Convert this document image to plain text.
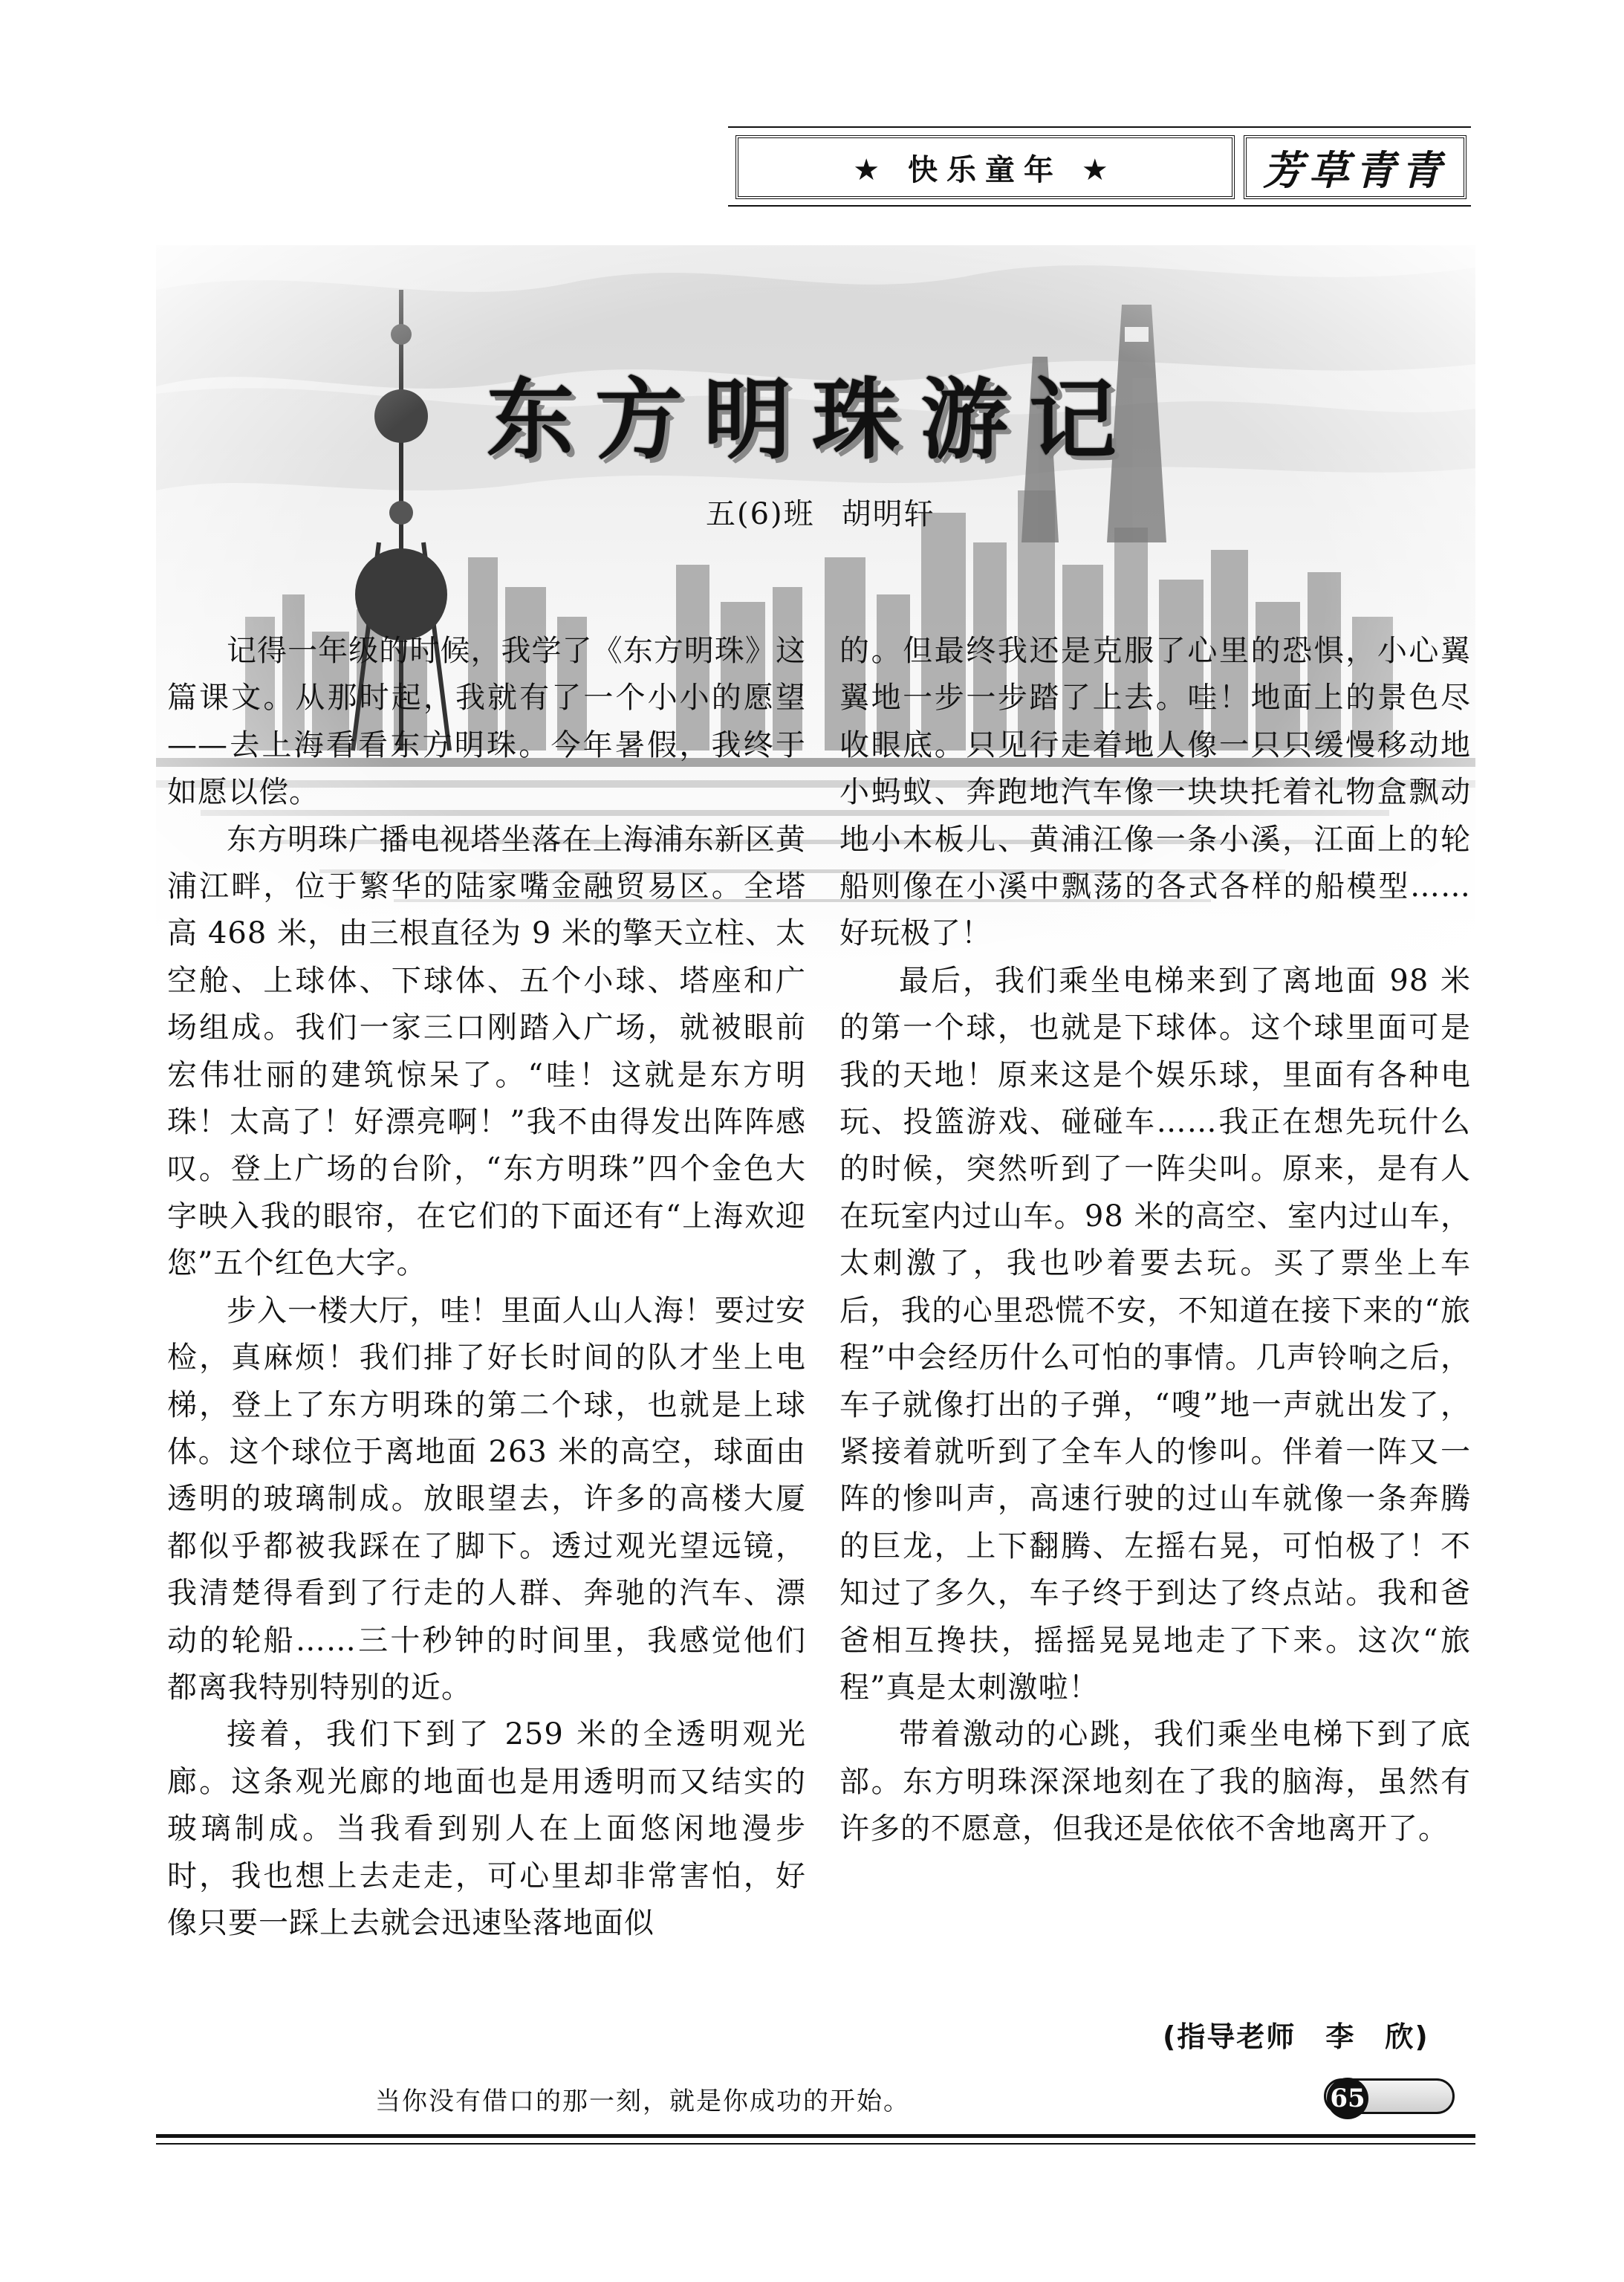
★ 快乐童年 ★	芳草青青
东方明珠游记
五(6)班 胡明轩

记得一年级的时候，我学了《东方明珠》这篇课文。从那时起，我就有了一个小小的愿望——去上海看看东方明珠。今年暑假，我终于如愿以偿。

东方明珠广播电视塔坐落在上海浦东新区黄浦江畔，位于繁华的陆家嘴金融贸易区。全塔高 468 米，由三根直径为 9 米的擎天立柱、太空舱、上球体、下球体、五个小球、塔座和广场组成。我们一家三口刚踏入广场，就被眼前宏伟壮丽的建筑惊呆了。“哇！这就是东方明珠！太高了！好漂亮啊！”我不由得发出阵阵感叹。登上广场的台阶，“东方明珠”四个金色大字映入我的眼帘，在它们的下面还有“上海欢迎您”五个红色大字。

步入一楼大厅，哇！里面人山人海！要过安检，真麻烦！我们排了好长时间的队才坐上电梯，登上了东方明珠的第二个球，也就是上球体。这个球位于离地面 263 米的高空，球面由透明的玻璃制成。放眼望去，许多的高楼大厦都似乎都被我踩在了脚下。透过观光望远镜，我清楚得看到了行走的人群、奔驰的汽车、漂动的轮船……三十秒钟的时间里，我感觉他们都离我特别特别的近。

接着，我们下到了 259 米的全透明观光廊。这条观光廊的地面也是用透明而又结实的玻璃制成。当我看到别人在上面悠闲地漫步时，我也想上去走走，可心里却非常害怕，好像只要一踩上去就会迅速坠落地面似

的。但最终我还是克服了心里的恐惧，小心翼翼地一步一步踏了上去。哇！地面上的景色尽收眼底。只见行走着地人像一只只缓慢移动地小蚂蚁、奔跑地汽车像一块块托着礼物盒飘动地小木板儿、黄浦江像一条小溪，江面上的轮船则像在小溪中飘荡的各式各样的船模型……好玩极了！

最后，我们乘坐电梯来到了离地面 98 米的第一个球，也就是下球体。这个球里面可是我的天地！原来这是个娱乐球，里面有各种电玩、投篮游戏、碰碰车……我正在想先玩什么的时候，突然听到了一阵尖叫。原来，是有人在玩室内过山车。98 米的高空、室内过山车，太刺激了，我也吵着要去玩。买了票坐上车后，我的心里恐慌不安，不知道在接下来的“旅程”中会经历什么可怕的事情。几声铃响之后，车子就像打出的子弹，“嗖”地一声就出发了，紧接着就听到了全车人的惨叫。伴着一阵又一阵的惨叫声，高速行驶的过山车就像一条奔腾的巨龙，上下翻腾、左摇右晃，可怕极了！不知过了多久，车子终于到达了终点站。我和爸爸相互搀扶，摇摇晃晃地走了下来。这次“旅程”真是太刺激啦！

带着激动的心跳，我们乘坐电梯下到了底部。东方明珠深深地刻在了我的脑海，虽然有许多的不愿意，但我还是依依不舍地离开了。

(指导老师　李　欣)
当你没有借口的那一刻，就是你成功的开始。	65
